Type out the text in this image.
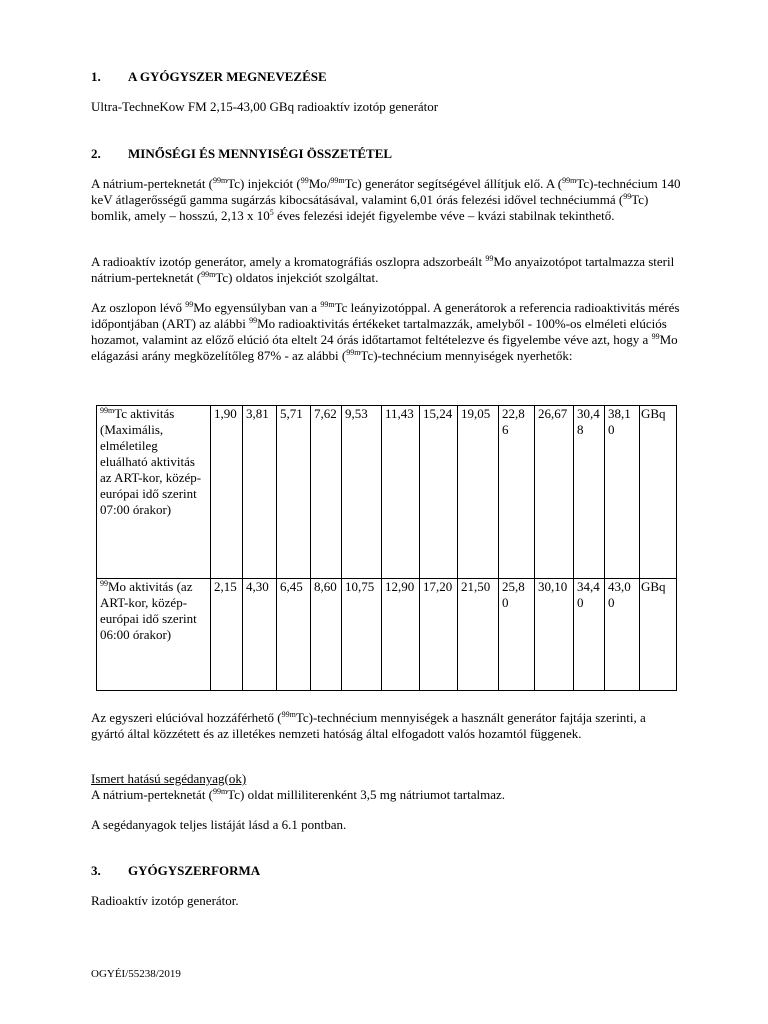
1. A GYÓGYSZER MEGNEVEZÉSE

Ultra-TechneKow FM 2,15-43,00 GBq radioaktív izotóp generátor

2. MINŐSÉGI ÉS MENNYISÉGI ÖSSZETÉTEL

A nátrium-perteknetát ($^{99m}$Tc) injekciót ($^{99}$Mo/$^{99m}$Tc) generátor segítségével állítjuk elő. A ($^{99m}$Tc)-technécium 140 keV átlagerősségű gamma sugárzás kibocsátásával, valamint 6,01 órás felezési idővel technéciummá ($^{99}$Tc) bomlik, amely – hosszú, 2,13 x $10^5$ éves felezési idejét figyelembe véve – kvázi stabilnak tekinthető.

A radioaktív izotóp generátor, amely a kromatográfiás oszlopra adszorbeált $^{99}$Mo anyaizotópot tartalmazza steril nátrium-perteknetát ($^{99m}$Tc) oldatos injekciót szolgáltat.

Az oszlopon lévő $^{99}$Mo egyensúlyban van a $^{99m}$Tc leányizotóppal. A generátorok a referencia radioaktivitás mérés időpontjában (ART) az alábbi $^{99}$Mo radioaktivitás értékeket tartalmazzák, amelyből - 100%-os elméleti elúciós hozamot, valamint az előző elúció óta eltelt 24 órás időtartamot feltételezve és figyelembe véve azt, hogy a $^{99}$Mo elágazási arány megközelítőleg 87% - az alábbi ($^{99m}$Tc)-technécium mennyiségek nyerhetők:

$^{99m}$Tc aktivitás (Maximális, elméletileg eluálható aktivitás az ART-kor, közép-európai idő szerint 07:00 órakor)	1,90	3,81	5,71	7,62	9,53	11,43	15,24	19,05	22,86	26,67	30,48	38,10	GBq
$^{99}$Mo aktivitás (az ART-kor, közép-európai idő szerint 06:00 órakor)	2,15	4,30	6,45	8,60	10,75	12,90	17,20	21,50	25,80	30,10	34,40	43,00	GBq

Az egyszeri elúcióval hozzáférhető ($^{99m}$Tc)-technécium mennyiségek a használt generátor fajtája szerinti, a gyártó által közzétett és az illetékes nemzeti hatóság által elfogadott valós hozamtól függenek.

Ismert hatású segédanyag(ok)

A nátrium-perteknetát ($^{99m}$Tc) oldat milliliterenként 3,5 mg nátriumot tartalmaz.

A segédanyagok teljes listáját lásd a 6.1 pontban.

3. GYÓGYSZERFORMA

Radioaktív izotóp generátor.

OGYÉI/55238/2019
